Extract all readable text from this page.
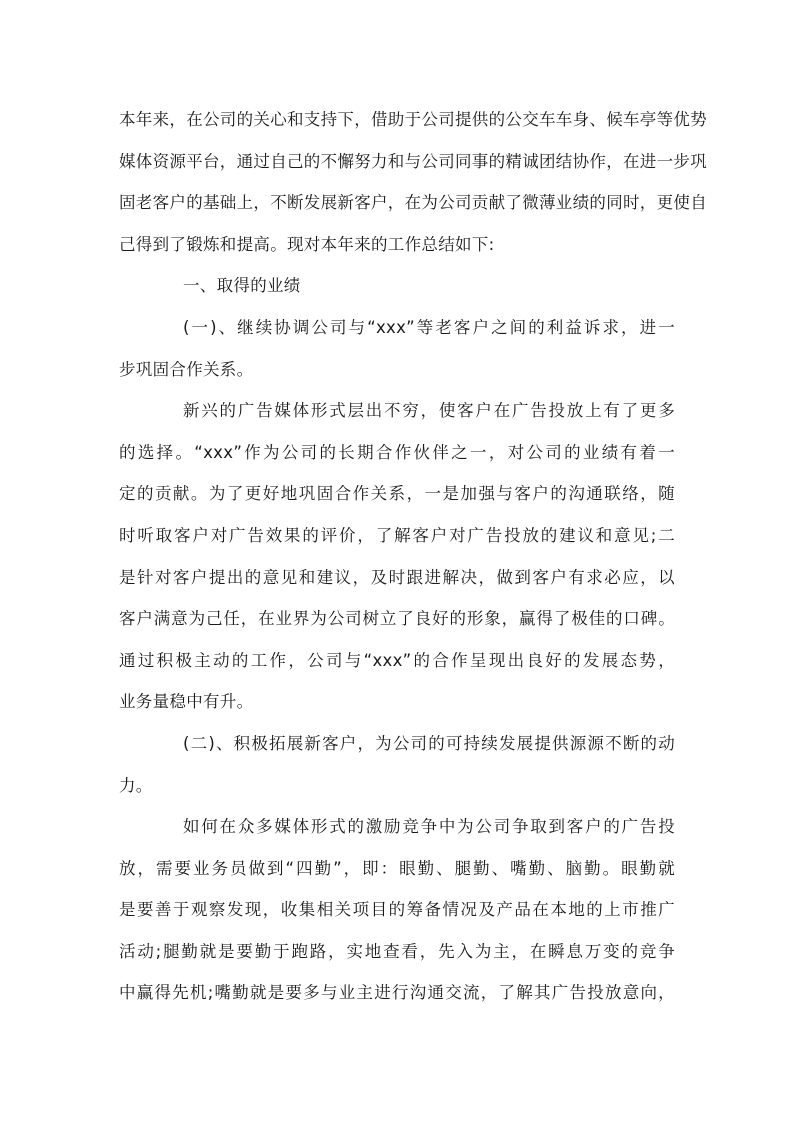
本年来，在公司的关心和支持下，借助于公司提供的公交车车身、候车亭等优势
媒体资源平台，通过自己的不懈努力和与公司同事的精诚团结协作，在进一步巩
固老客户的基础上，不断发展新客户，在为公司贡献了微薄业绩的同时，更使自
己得到了锻炼和提高。现对本年来的工作总结如下:
一、取得的业绩
(一)、继续协调公司与“xxx”等老客户之间的利益诉求，进一
步巩固合作关系。
新兴的广告媒体形式层出不穷，使客户在广告投放上有了更多
的选择。“xxx”作为公司的长期合作伙伴之一，对公司的业绩有着一
定的贡献。为了更好地巩固合作关系，一是加强与客户的沟通联络，随
时听取客户对广告效果的评价，了解客户对广告投放的建议和意见;二
是针对客户提出的意见和建议，及时跟进解决，做到客户有求必应，以
客户满意为己任，在业界为公司树立了良好的形象，赢得了极佳的口碑。
通过积极主动的工作，公司与“xxx”的合作呈现出良好的发展态势，
业务量稳中有升。
(二)、积极拓展新客户，为公司的可持续发展提供源源不断的动
力。
如何在众多媒体形式的激励竞争中为公司争取到客户的广告投
放，需要业务员做到“四勤”，即：眼勤、腿勤、嘴勤、脑勤。眼勤就
是要善于观察发现，收集相关项目的筹备情况及产品在本地的上市推广
活动;腿勤就是要勤于跑路，实地查看，先入为主，在瞬息万变的竞争
中赢得先机;嘴勤就是要多与业主进行沟通交流，了解其广告投放意向，
